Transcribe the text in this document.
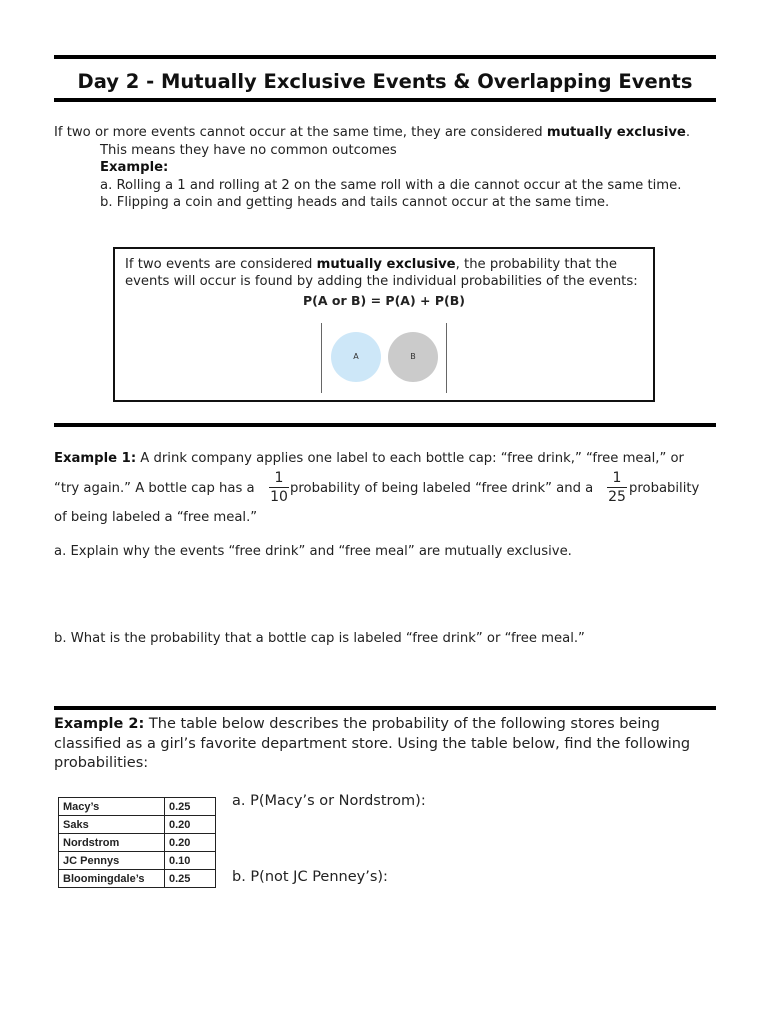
Day 2 - Mutually Exclusive Events & Overlapping Events
If two or more events cannot occur at the same time, they are considered mutually exclusive.
This means they have no common outcomes
Example:
a. Rolling a 1 and rolling at 2 on the same roll with a die cannot occur at the same time.
b. Flipping a coin and getting heads and tails cannot occur at the same time.
If two events are considered mutually exclusive, the probability that the
events will occur is found by adding the individual probabilities of the events:
P(A or B) = P(A) + P(B)
A	B
Example 1: A drink company applies one label to each bottle cap: “free drink,” “free meal,” or
“try again.” A bottle cap has a
1
10
probability of being labeled “free drink” and a
1
25
probability
of being labeled a “free meal.”
a. Explain why the events “free drink” and “free meal” are mutually exclusive.
b. What is the probability that a bottle cap is labeled “free drink” or “free meal.”
Example 2: The table below describes the probability of the following stores being
classified as a girl’s favorite department store. Using the table below, find the following
probabilities:
Macy’s	0.25
Saks	0.20
Nordstrom	0.20
JC Pennys	0.10
Bloomingdale’s	0.25
a. P(Macy’s or Nordstrom):
b. P(not JC Penney’s):
